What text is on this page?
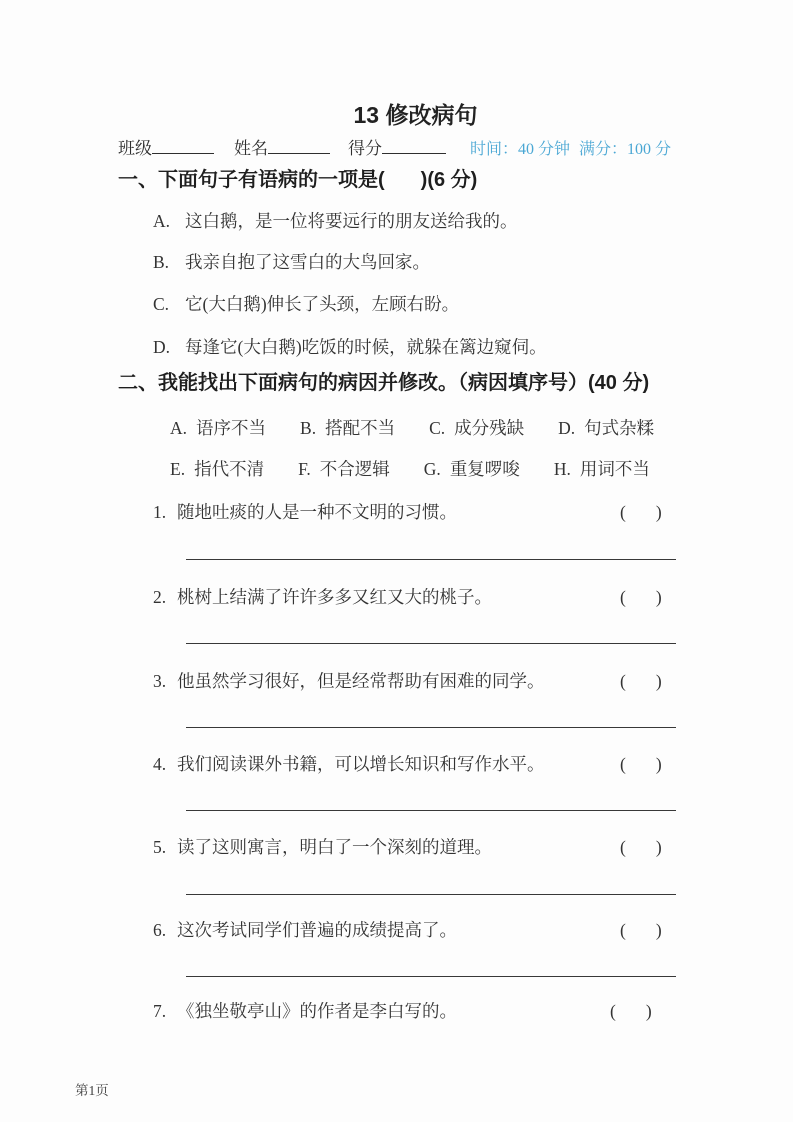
13 修改病句
班级	姓名	得分	时间：40 分钟 满分：100 分
一、下面句子有语病的一项是( )(6 分)
A. 这白鹅，是一位将要远行的朋友送给我的。
B. 我亲自抱了这雪白的大鸟回家。
C. 它(大白鹅)伸长了头颈，左顾右盼。
D. 每逢它(大白鹅)吃饭的时候，就躲在篱边窥伺。
二、我能找出下面病句的病因并修改。（病因填序号）(40 分)
A. 语序不当 B. 搭配不当 C. 成分残缺 D. 句式杂糅
E. 指代不清 F. 不合逻辑 G. 重复啰唆 H. 用词不当
1. 随地吐痰的人是一种不文明的习惯。	( )
2. 桃树上结满了许许多多又红又大的桃子。	( )
3. 他虽然学习很好，但是经常帮助有困难的同学。	( )
4. 我们阅读课外书籍，可以增长知识和写作水平。	( )
5. 读了这则寓言，明白了一个深刻的道理。	( )
6. 这次考试同学们普遍的成绩提高了。	( )
7. 《独坐敬亭山》的作者是李白写的。	( )
第1页
